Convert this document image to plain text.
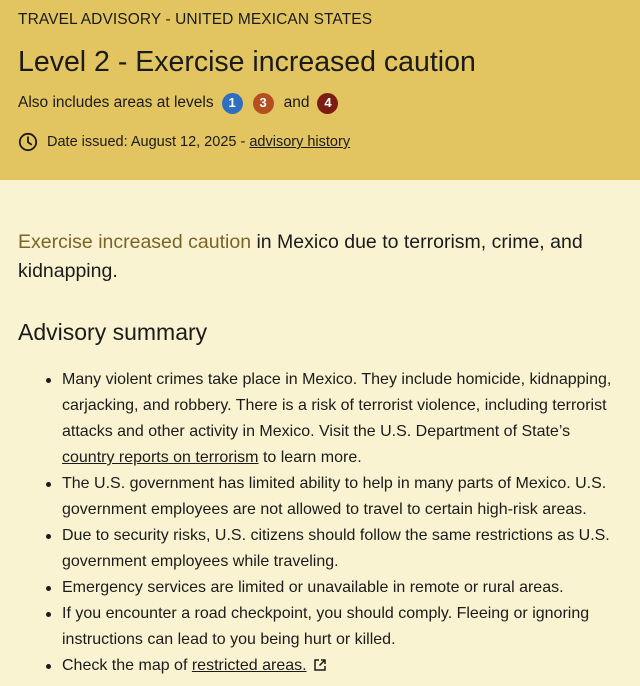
TRAVEL ADVISORY - UNITED MEXICAN STATES
Level 2 - Exercise increased caution
Also includes areas at levels	1	3	and	4
Date issued: August 12, 2025 -
advisory history

Exercise increased caution in Mexico due to terrorism, crime, and kidnapping.

Advisory summary
Many violent crimes take place in Mexico. They include homicide, kidnapping, carjacking, and robbery. There is a risk of terrorist violence, including terrorist attacks and other activity in Mexico. Visit the U.S. Department of State’s country reports on terrorism to learn more.
The U.S. government has limited ability to help in many parts of Mexico. U.S. government employees are not allowed to travel to certain high-risk areas.
Due to security risks, U.S. citizens should follow the same restrictions as U.S. government employees while traveling.
Emergency services are limited or unavailable in remote or rural areas.
If you encounter a road checkpoint, you should comply. Fleeing or ignoring instructions can lead to you being hurt or killed.
Check the map of restricted areas.
